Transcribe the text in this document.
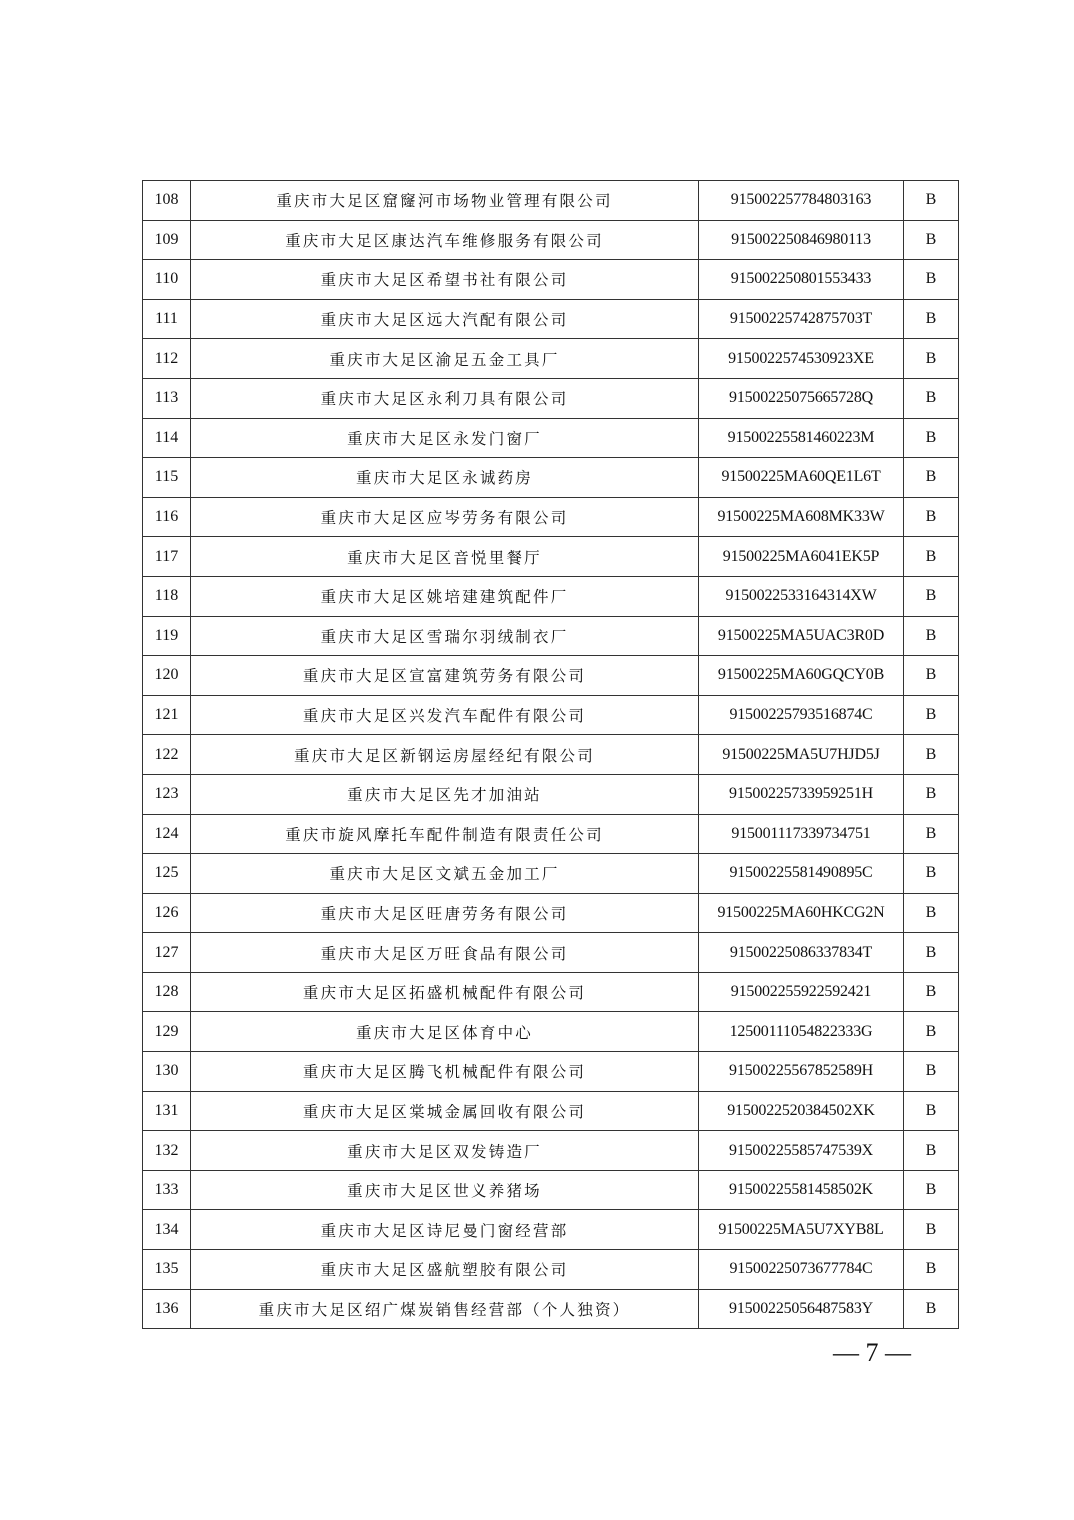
108	重庆市大足区窟窿河市场物业管理有限公司	915002257784803163	B
109	重庆市大足区康达汽车维修服务有限公司	915002250846980113	B
110	重庆市大足区希望书社有限公司	915002250801553433	B
111	重庆市大足区远大汽配有限公司	91500225742875703T	B
112	重庆市大足区渝足五金工具厂	9150022574530923XE	B
113	重庆市大足区永利刀具有限公司	91500225075665728Q	B
114	重庆市大足区永发门窗厂	91500225581460223M	B
115	重庆市大足区永诚药房	91500225MA60QE1L6T	B
116	重庆市大足区应岑劳务有限公司	91500225MA608MK33W	B
117	重庆市大足区音悦里餐厅	91500225MA6041EK5P	B
118	重庆市大足区姚培建建筑配件厂	9150022533164314XW	B
119	重庆市大足区雪瑞尔羽绒制衣厂	91500225MA5UAC3R0D	B
120	重庆市大足区宣富建筑劳务有限公司	91500225MA60GQCY0B	B
121	重庆市大足区兴发汽车配件有限公司	91500225793516874C	B
122	重庆市大足区新钢运房屋经纪有限公司	91500225MA5U7HJD5J	B
123	重庆市大足区先才加油站	91500225733959251H	B
124	重庆市旋风摩托车配件制造有限责任公司	915001117339734751	B
125	重庆市大足区文斌五金加工厂	91500225581490895C	B
126	重庆市大足区旺唐劳务有限公司	91500225MA60HKCG2N	B
127	重庆市大足区万旺食品有限公司	91500225086337834T	B
128	重庆市大足区拓盛机械配件有限公司	915002255922592421	B
129	重庆市大足区体育中心	12500111054822333G	B
130	重庆市大足区腾飞机械配件有限公司	91500225567852589H	B
131	重庆市大足区棠城金属回收有限公司	9150022520384502XK	B
132	重庆市大足区双发铸造厂	91500225585747539X	B
133	重庆市大足区世义养猪场	91500225581458502K	B
134	重庆市大足区诗尼曼门窗经营部	91500225MA5U7XYB8L	B
135	重庆市大足区盛航塑胶有限公司	91500225073677784C	B
136	重庆市大足区绍广煤炭销售经营部（个人独资）	91500225056487583Y	B
— 7 —
